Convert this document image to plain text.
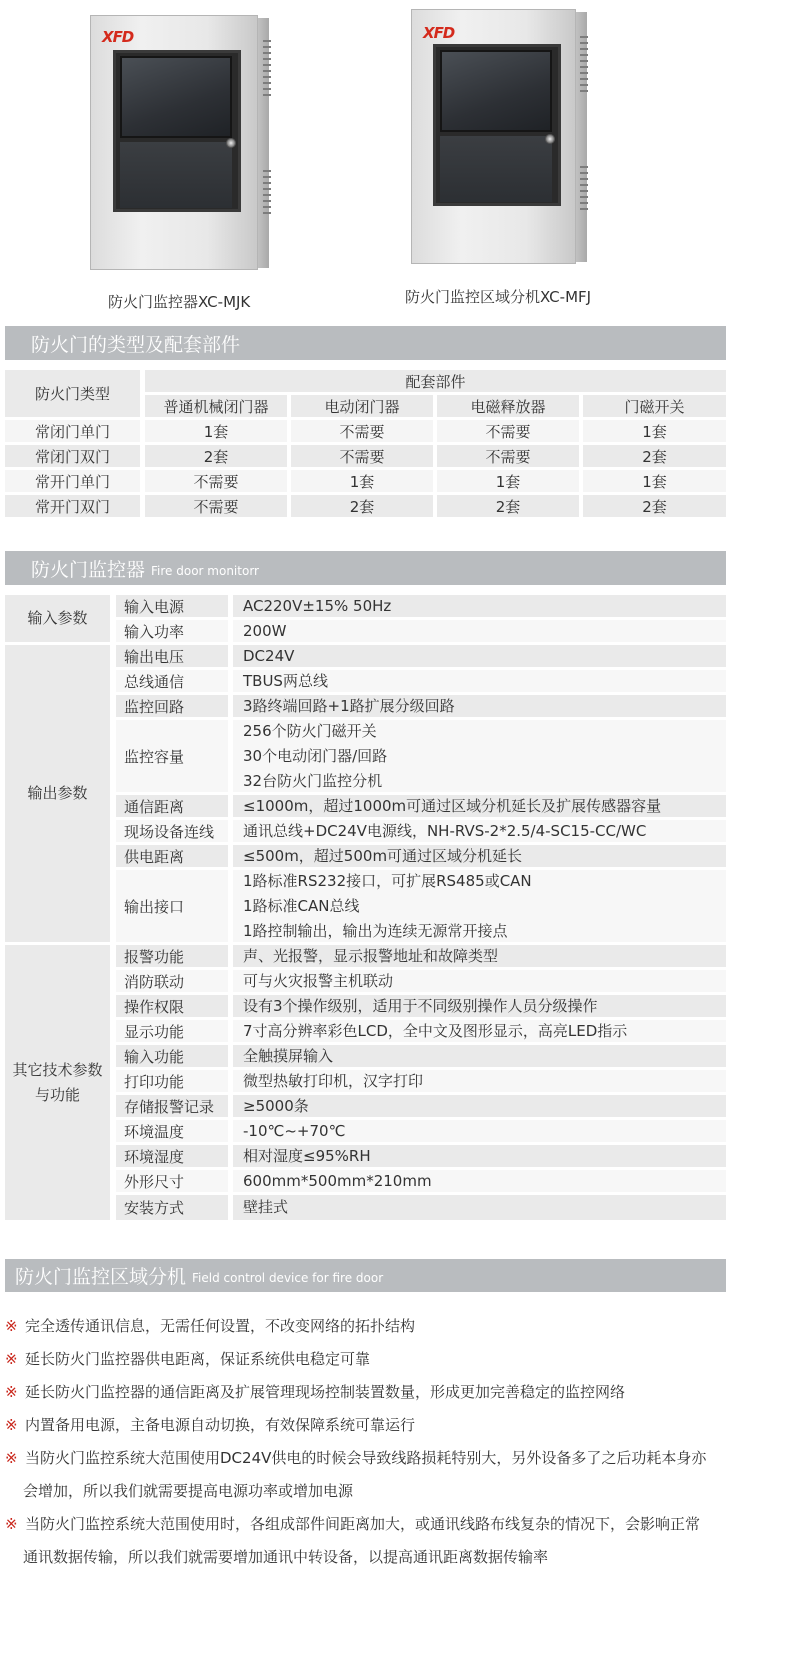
XFD
防火门监控器XC-MJK
XFD
防火门监控区域分机XC-MFJ
防火门的类型及配套部件
防火门类型
配套部件
普通机械闭门器	电动闭门器	电磁释放器	门磁开关
常闭门单门	1套	不需要	不需要	1套
常闭门双门	2套	不需要	不需要	2套
常开门单门	不需要	1套	1套	1套
常开门双门	不需要	2套	2套	2套
防火门监控器 Fire door monitorr
输入参数
输入电源	AC220V±15% 50Hz
输入功率	200W
输出参数
输出电压	DC24V
总线通信	TBUS两总线
监控回路	3路终端回路+1路扩展分级回路
监控容量
256个防火门磁开关
30个电动闭门器/回路
32台防火门监控分机
通信距离	≤1000m，超过1000m可通过区域分机延长及扩展传感器容量
现场设备连线	通讯总线+DC24V电源线，NH-RVS-2*2.5/4-SC15-CC/WC
供电距离	≤500m，超过500m可通过区域分机延长
输出接口
1路标准RS232接口，可扩展RS485或CAN
1路标准CAN总线
1路控制输出，输出为连续无源常开接点
其它技术参数
与功能
报警功能	声、光报警，显示报警地址和故障类型
消防联动	可与火灾报警主机联动
操作权限	设有3个操作级别，适用于不同级别操作人员分级操作
显示功能	7寸高分辨率彩色LCD，全中文及图形显示，高亮LED指示
输入功能	全触摸屏输入
打印功能	微型热敏打印机，汉字打印
存储报警记录	≥5000条
环境温度	-10℃~+70℃
环境湿度	相对湿度≤95%RH
外形尺寸	600mm*500mm*210mm
安装方式	壁挂式
防火门监控区域分机 Field control device for fire door
※ 完全透传通讯信息，无需任何设置，不改变网络的拓扑结构
※ 延长防火门监控器供电距离，保证系统供电稳定可靠
※ 延长防火门监控器的通信距离及扩展管理现场控制装置数量，形成更加完善稳定的监控网络
※ 内置备用电源，主备电源自动切换，有效保障系统可靠运行
※ 当防火门监控系统大范围使用DC24V供电的时候会导致线路损耗特别大，另外设备多了之后功耗本身亦
会增加，所以我们就需要提高电源功率或增加电源
※ 当防火门监控系统大范围使用时，各组成部件间距离加大，或通讯线路布线复杂的情况下，会影响正常
通讯数据传输，所以我们就需要增加通讯中转设备，以提高通讯距离数据传输率
